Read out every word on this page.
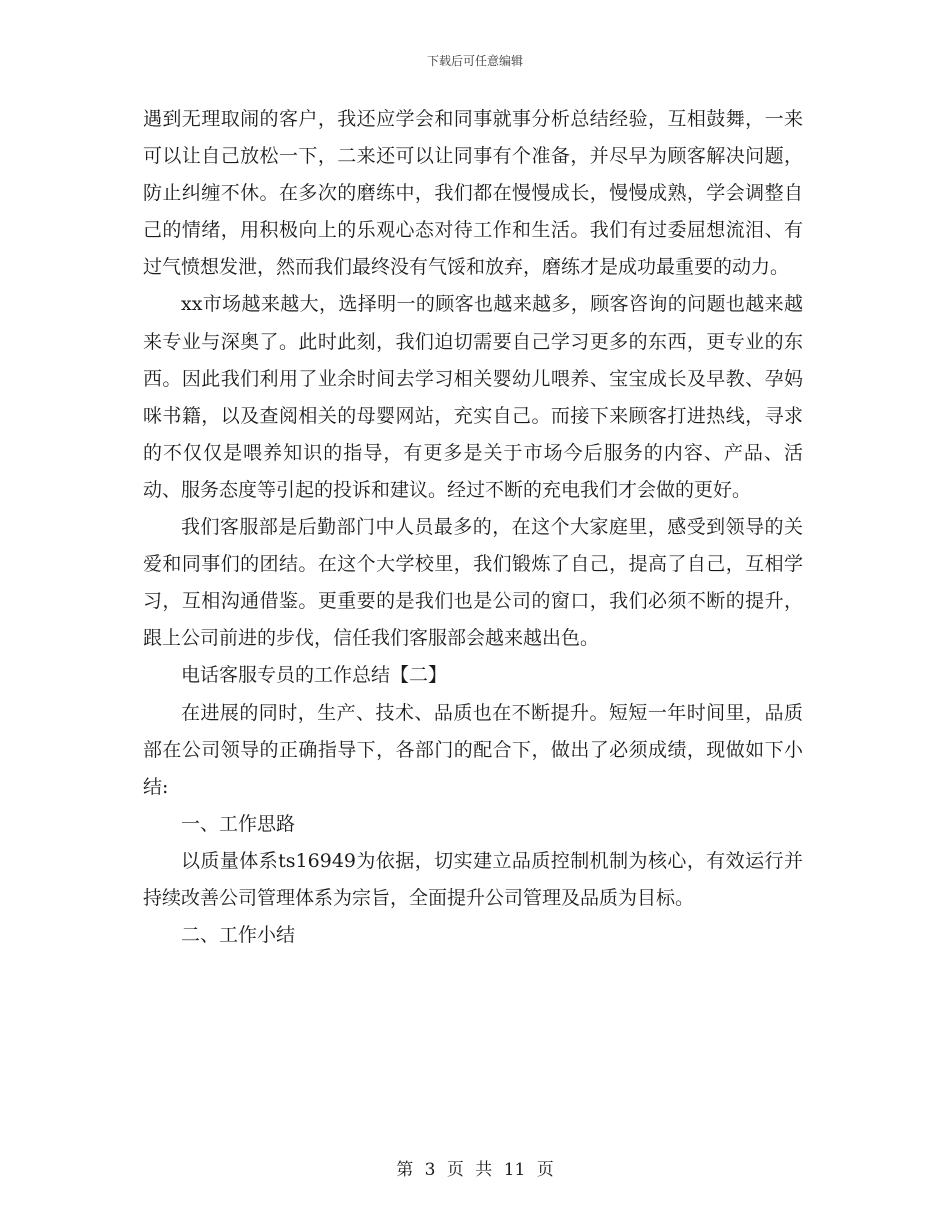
下载后可任意编辑

遇到无理取闹的客户，我还应学会和同事就事分析总结经验，互相鼓舞，一来可以让自己放松一下，二来还可以让同事有个准备，并尽早为顾客解决问题，防止纠缠不休。在多次的磨练中，我们都在慢慢成长，慢慢成熟，学会调整自己的情绪，用积极向上的乐观心态对待工作和生活。我们有过委屈想流泪、有过气愤想发泄，然而我们最终没有气馁和放弃，磨练才是成功最重要的动力。

xx市场越来越大，选择明一的顾客也越来越多，顾客咨询的问题也越来越来专业与深奥了。此时此刻，我们迫切需要自己学习更多的东西，更专业的东西。因此我们利用了业余时间去学习相关婴幼儿喂养、宝宝成长及早教、孕妈咪书籍，以及查阅相关的母婴网站，充实自己。而接下来顾客打进热线，寻求的不仅仅是喂养知识的指导，有更多是关于市场今后服务的内容、产品、活动、服务态度等引起的投诉和建议。经过不断的充电我们才会做的更好。

我们客服部是后勤部门中人员最多的，在这个大家庭里，感受到领导的关爱和同事们的团结。在这个大学校里，我们锻炼了自己，提高了自己，互相学习，互相沟通借鉴。更重要的是我们也是公司的窗口，我们必须不断的提升，跟上公司前进的步伐，信任我们客服部会越来越出色。

电话客服专员的工作总结【二】

在进展的同时，生产、技术、品质也在不断提升。短短一年时间里，品质部在公司领导的正确指导下，各部门的配合下，做出了必须成绩，现做如下小结:

一、工作思路

以质量体系ts16949为依据，切实建立品质控制机制为核心，有效运行并持续改善公司管理体系为宗旨，全面提升公司管理及品质为目标。

二、工作小结

第 3 页 共 11 页
